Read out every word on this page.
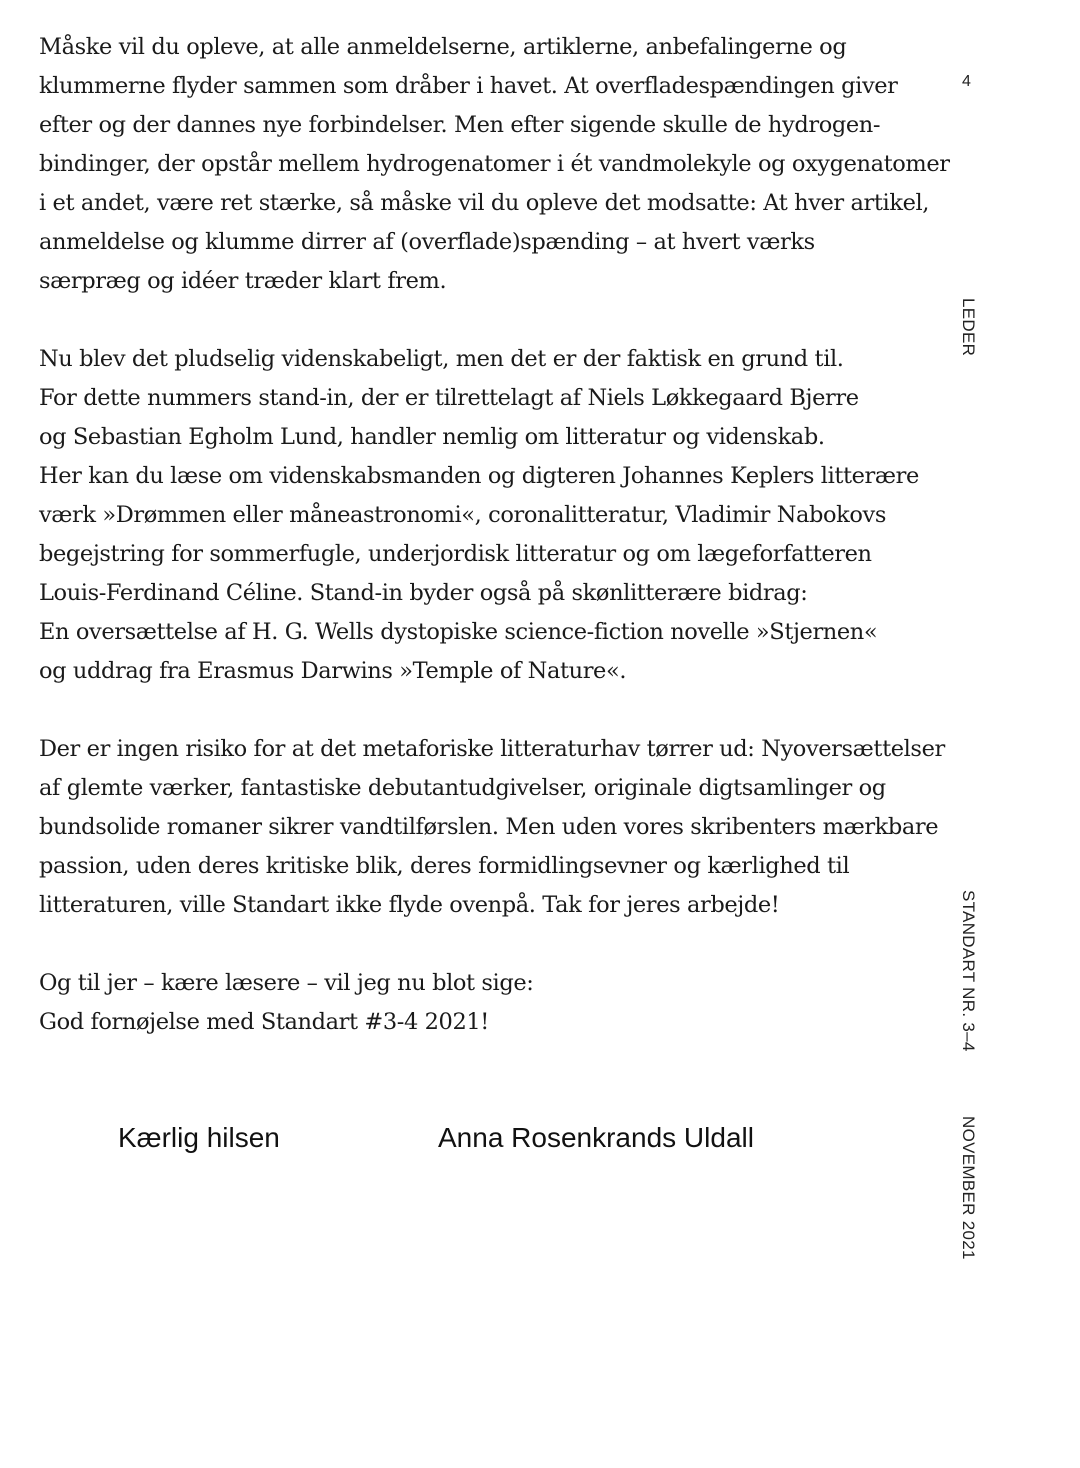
Måske vil du opleve, at alle anmeldelserne, artiklerne, anbefalingerne og
klummerne flyder sammen som dråber i havet. At overfladespændingen giver
efter og der dannes nye forbindelser. Men efter sigende skulle de hydrogen-
bindinger, der opstår mellem hydrogenatomer i ét vandmolekyle og oxygenatomer
i et andet, være ret stærke, så måske vil du opleve det modsatte: At hver artikel,
anmeldelse og klumme dirrer af (overflade)spænding – at hvert værks
særpræg og idéer træder klart frem.

Nu blev det pludselig videnskabeligt, men det er der faktisk en grund til.
For dette nummers stand-in, der er tilrettelagt af Niels Løkkegaard Bjerre
og Sebastian Egholm Lund, handler nemlig om litteratur og videnskab.
Her kan du læse om videnskabsmanden og digteren Johannes Keplers litterære
værk »Drømmen eller måneastronomi«, coronalitteratur, Vladimir Nabokovs
begejstring for sommerfugle, underjordisk litteratur og om lægeforfatteren
Louis-Ferdinand Céline. Stand-in byder også på skønlitterære bidrag:
En oversættelse af H. G. Wells dystopiske science-fiction novelle »Stjernen«
og uddrag fra Erasmus Darwins »Temple of Nature«.

Der er ingen risiko for at det metaforiske litteraturhav tørrer ud: Nyoversættelser
af glemte værker, fantastiske debutantudgivelser, originale digtsamlinger og
bundsolide romaner sikrer vandtilførslen. Men uden vores skribenters mærkbare
passion, uden deres kritiske blik, deres formidlingsevner og kærlighed til
litteraturen, ville Standart ikke flyde ovenpå. Tak for jeres arbejde!

Og til jer – kære læsere – vil jeg nu blot sige:
God fornøjelse med Standart #3-4 2021!

Kærlig hilsen	Anna Rosenkrands Uldall
4
LEDER
STANDART NR. 3–4
NOVEMBER 2021
